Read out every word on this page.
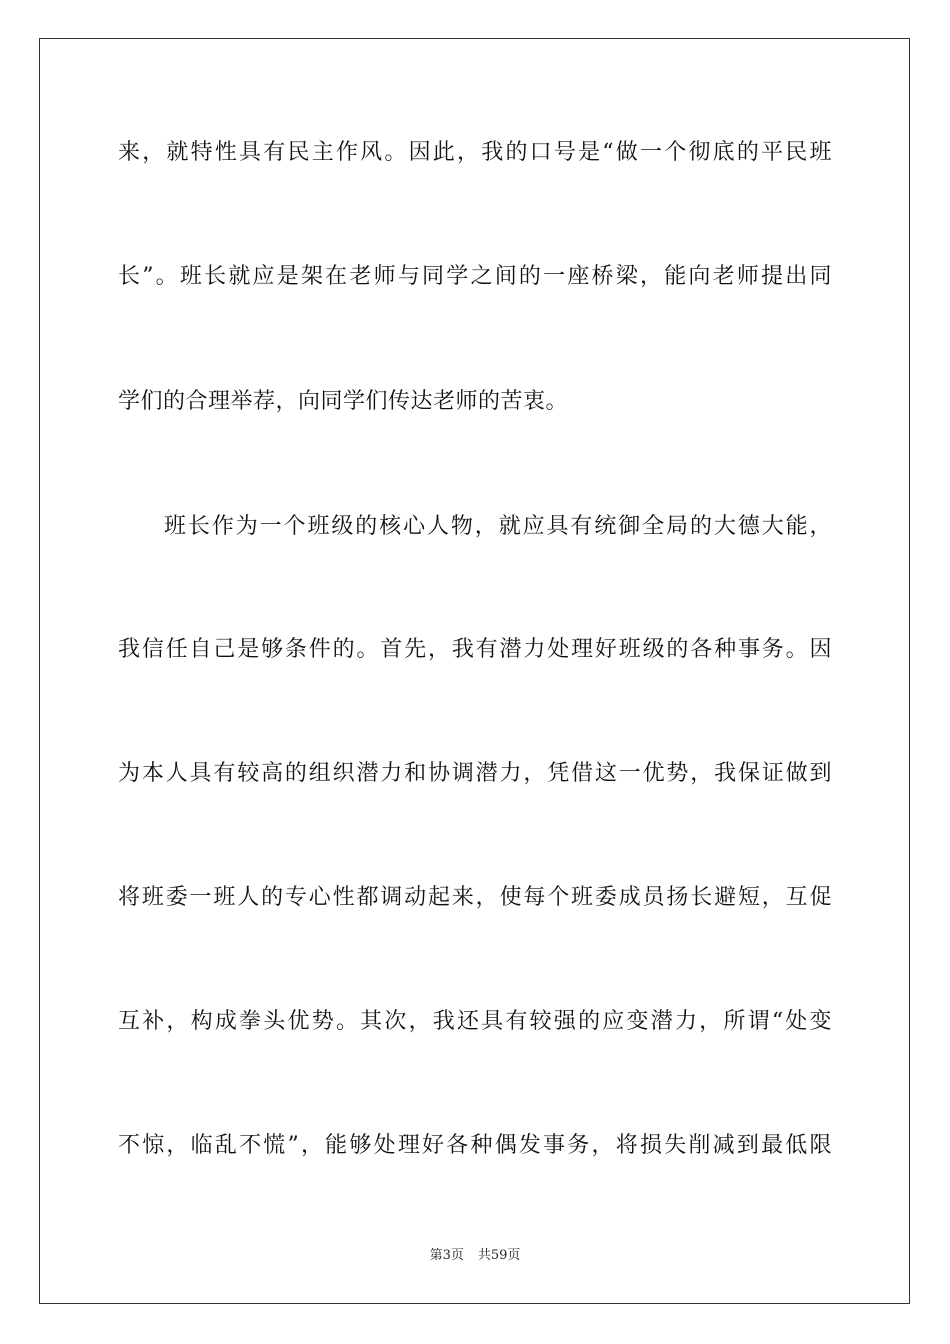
来，就特性具有民主作风。因此，我的口号是“做一个彻底的平民班
长”。班长就应是架在老师与同学之间的一座桥梁，能向老师提出同
学们的合理举荐，向同学们传达老师的苦衷。
班长作为一个班级的核心人物，就应具有统御全局的大德大能，
我信任自己是够条件的。首先，我有潜力处理好班级的各种事务。因
为本人具有较高的组织潜力和协调潜力，凭借这一优势，我保证做到
将班委一班人的专心性都调动起来，使每个班委成员扬长避短，互促
互补，构成拳头优势。其次，我还具有较强的应变潜力，所谓“处变
不惊，临乱不慌”，能够处理好各种偶发事务，将损失削减到最低限
第3页 共59页
